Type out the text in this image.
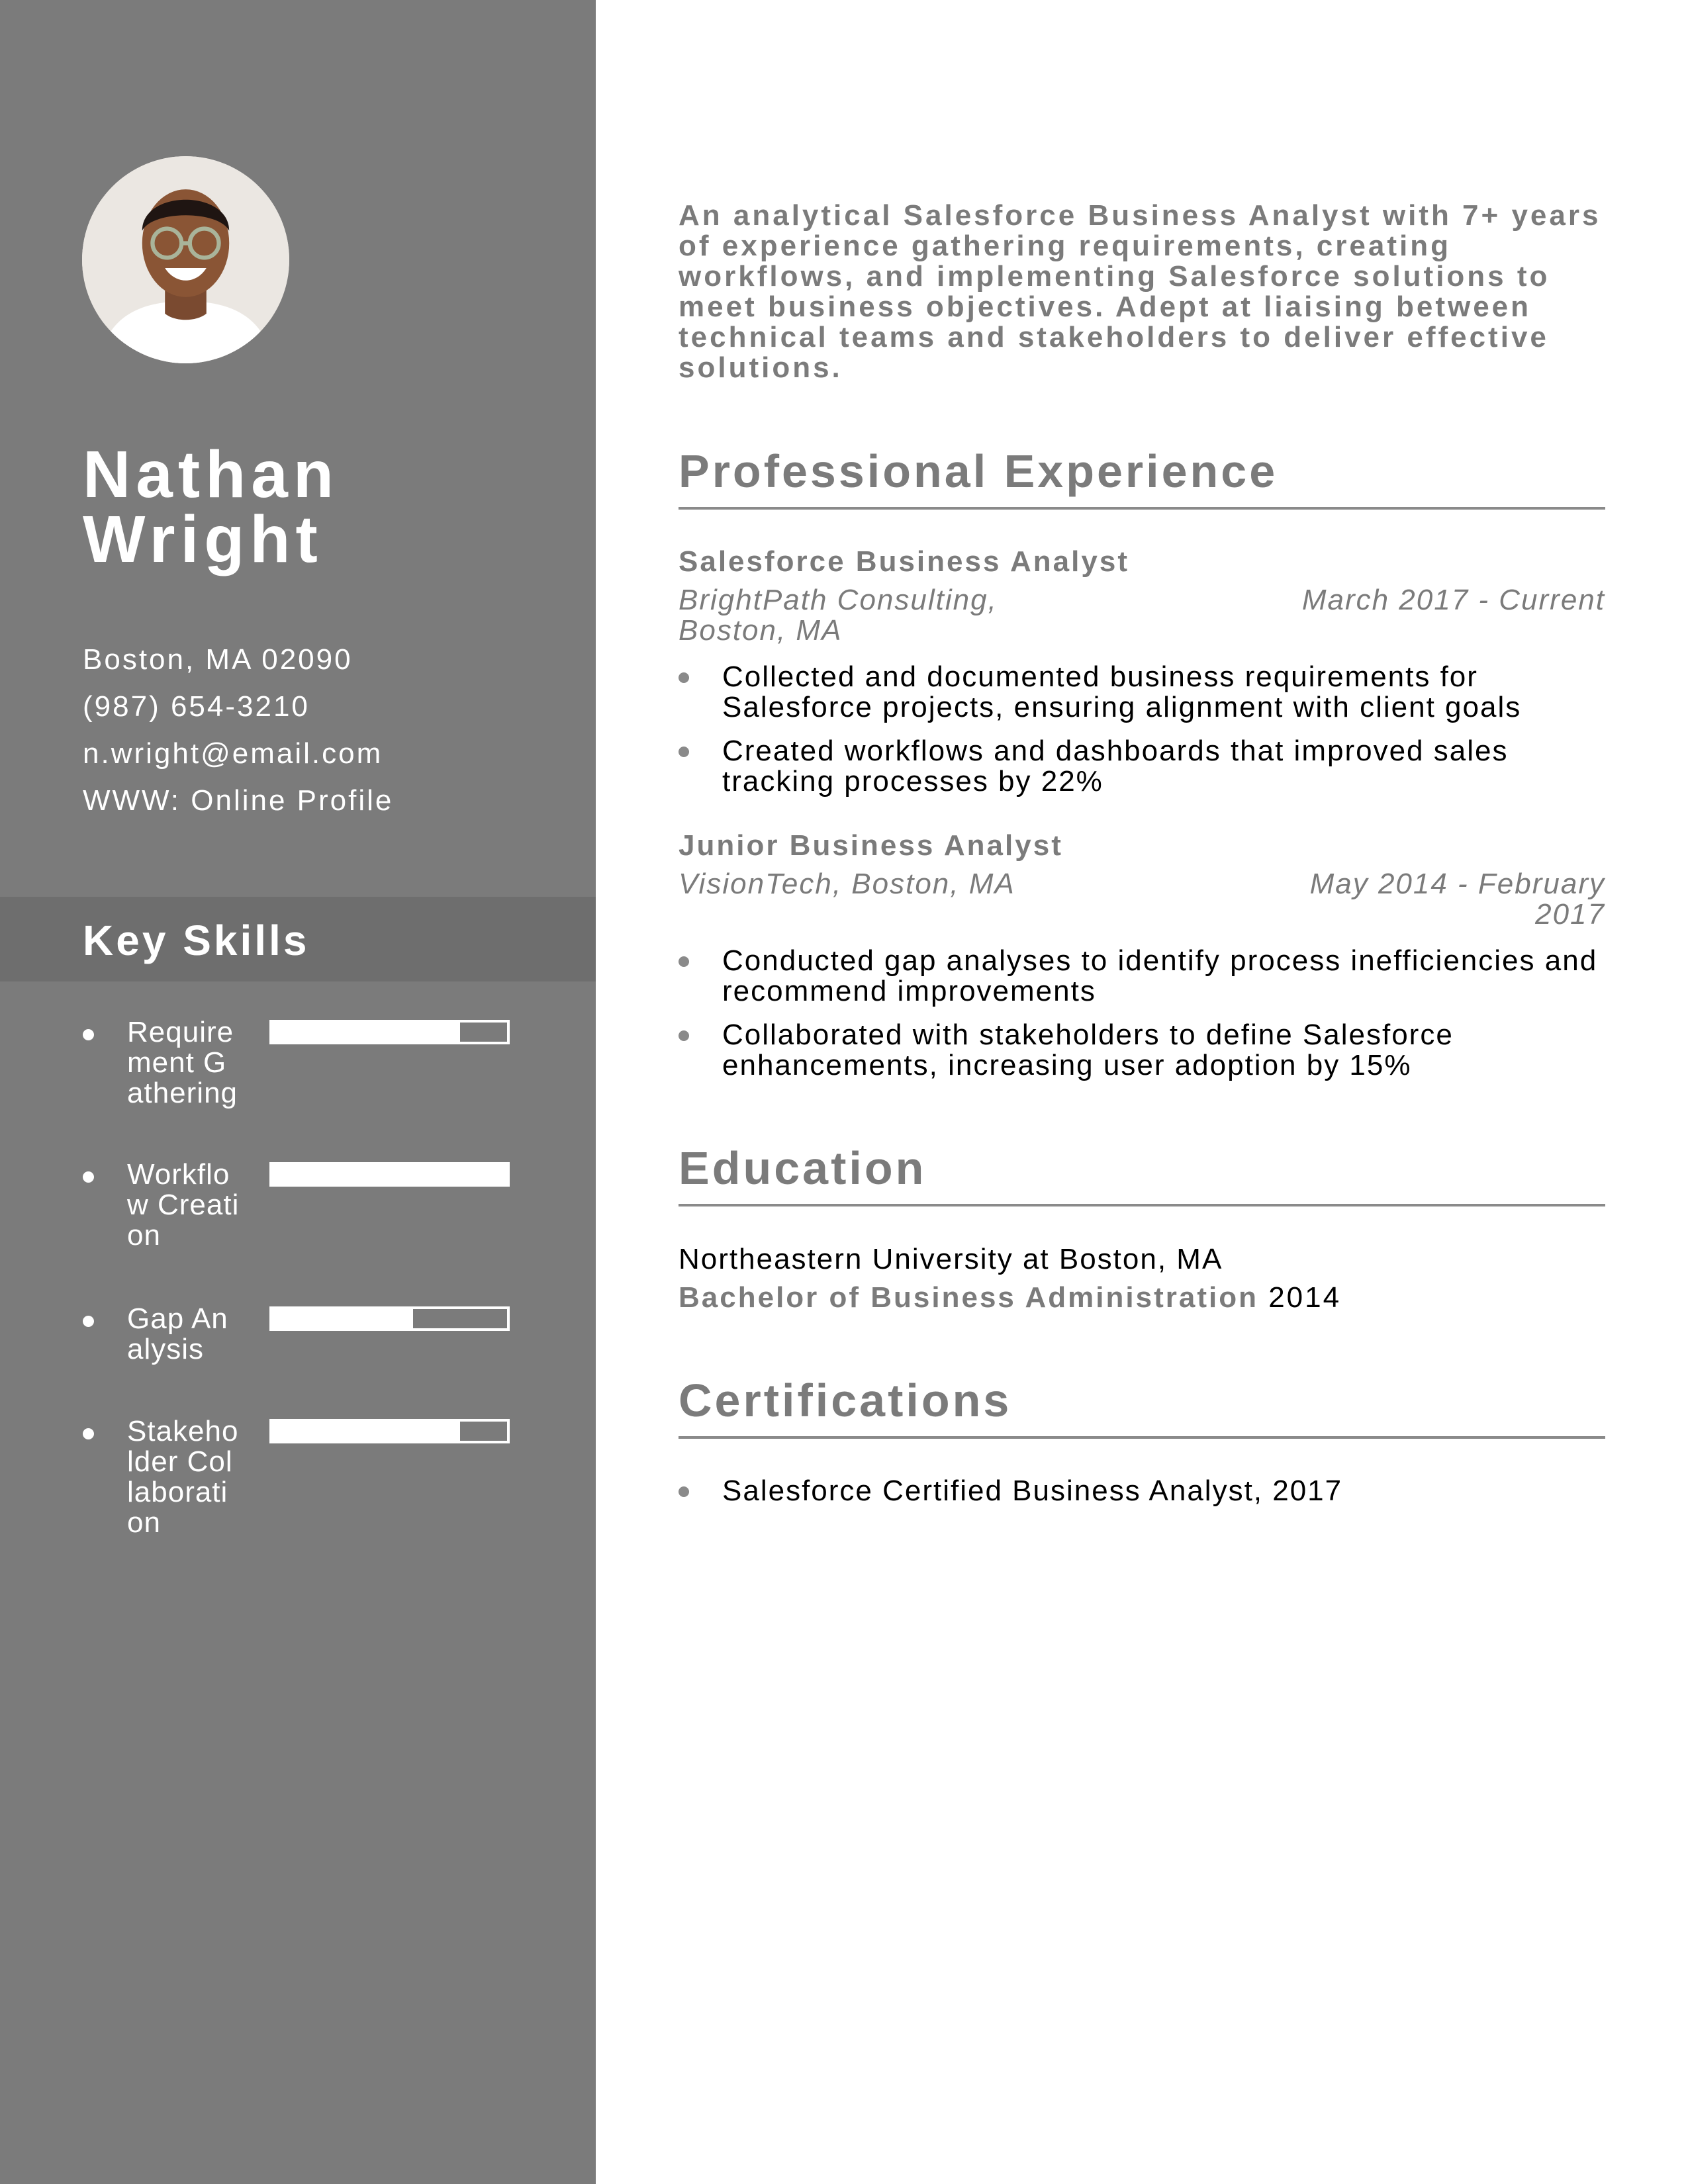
Nathan
Wright
Boston, MA 02090
(987) 654-3210
n.wright@email.com
WWW: Online Profile
Key Skills
Requirement Gathering
Workflow Creation
Gap Analysis
Stakeholder Collaboration

An analytical Salesforce Business Analyst with 7+ years of experience gathering requirements, creating workflows, and implementing Salesforce solutions to meet business objectives. Adept at liaising between technical teams and stakeholders to deliver effective solutions.

Professional Experience
Salesforce Business Analyst
BrightPath Consulting, Boston, MA
March 2017 - Current
Collected and documented business requirements for Salesforce projects, ensuring alignment with client goals
Created workflows and dashboards that improved sales tracking processes by 22%
Junior Business Analyst
VisionTech, Boston, MA	May 2014 - February 2017
Conducted gap analyses to identify process inefficiencies and recommend improvements
Collaborated with stakeholders to define Salesforce enhancements, increasing user adoption by 15%
Education
Northeastern University at Boston, MA
Bachelor of Business Administration 2014
Certifications
Salesforce Certified Business Analyst, 2017
